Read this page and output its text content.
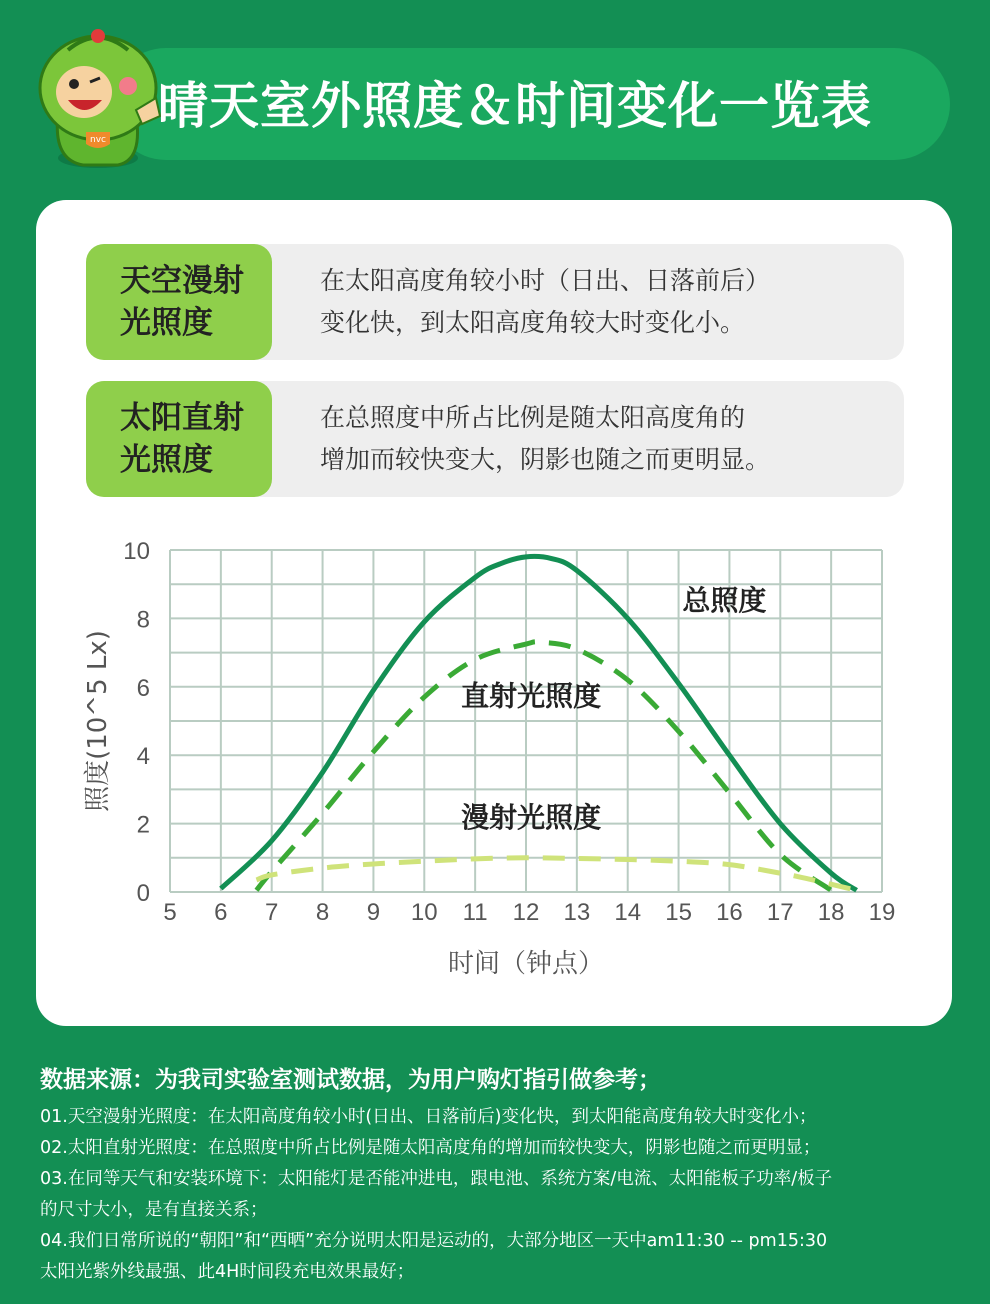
nvc
晴天室外照度＆时间变化一览表
天空漫射
光照度
在太阳高度角较小时（日出、日落前后）
变化快，到太阳高度角较大时变化小。
太阳直射
光照度
在总照度中所占比例是随太阳高度角的
增加而较快变大，阴影也随之而更明显。
5 6 7 8 9 10 11 12 13 14 15 16 17 18 19
0
2
4
6
8
10
时间（钟点）
照度(10^5 Lx)
总照度
直射光照度
漫射光照度
数据来源：为我司实验室测试数据，为用户购灯指引做参考；
01.天空漫射光照度：在太阳高度角较小时(日出、日落前后)变化快，到太阳能高度角较大时变化小；
02.太阳直射光照度：在总照度中所占比例是随太阳高度角的增加而较快变大，阴影也随之而更明显；
03.在同等天气和安装环境下：太阳能灯是否能冲进电，跟电池、系统方案/电流、太阳能板子功率/板子
的尺寸大小，是有直接关系；
04.我们日常所说的“朝阳”和“西晒”充分说明太阳是运动的，大部分地区一天中am11:30 -- pm15:30
太阳光紫外线最强、此4H时间段充电效果最好；
